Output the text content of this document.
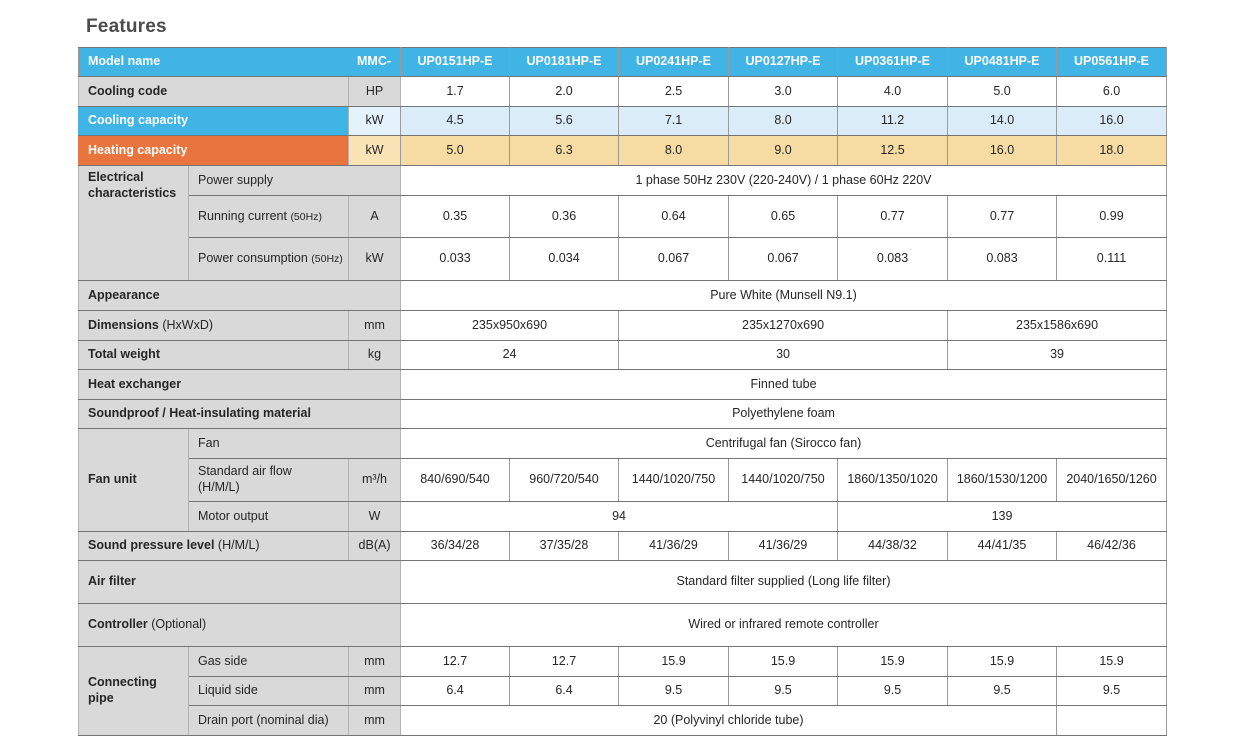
Features
Model name MMC-			UP0151HP-E	UP0181HP-E	UP0241HP-E	UP0127HP-E	UP0361HP-E	UP0481HP-E	UP0561HP-E
Cooling code		HP	1.7	2.0	2.5	3.0	4.0	5.0	6.0
Cooling capacity		kW	4.5	5.6	7.1	8.0	11.2	14.0	16.0
Heating capacity		kW	5.0	6.3	8.0	9.0	12.5	16.0	18.0
Electrical characteristics	Power supply		1 phase 50Hz 230V (220-240V) / 1 phase 60Hz 220V						
	Running current (50Hz)	A	0.35	0.36	0.64	0.65	0.77	0.77	0.99
	Power consumption (50Hz)	kW	0.033	0.034	0.067	0.067	0.083	0.083	0.111
Appearance			Pure White (Munsell N9.1)						
Dimensions (HxWxD)		mm	235x950x690		235x1270x690			235x1586x690	
Total weight		kg	24		30			39	
Heat exchanger			Finned tube						
Soundproof / Heat-insulating material			Polyethylene foam						
Fan unit	Fan		Centrifugal fan (Sirocco fan)						
	Standard air flow
(H/M/L)	m³/h	840/690/540	960/720/540	1440/1020/750	1440/1020/750	1860/1350/1020	1860/1530/1200	2040/1650/1260
	Motor output	W	94				139		
Sound pressure level (H/M/L)		dB(A)	36/34/28	37/35/28	41/36/29	41/36/29	44/38/32	44/41/35	46/42/36
Air filter			Standard filter supplied (Long life filter)						
Controller (Optional)			Wired or infrared remote controller						
Connecting pipe	Gas side	mm	12.7	12.7	15.9	15.9	15.9	15.9	15.9
	Liquid side	mm	6.4	6.4	9.5	9.5	9.5	9.5	9.5
	Drain port (nominal dia)	mm	20 (Polyvinyl chloride tube)						
